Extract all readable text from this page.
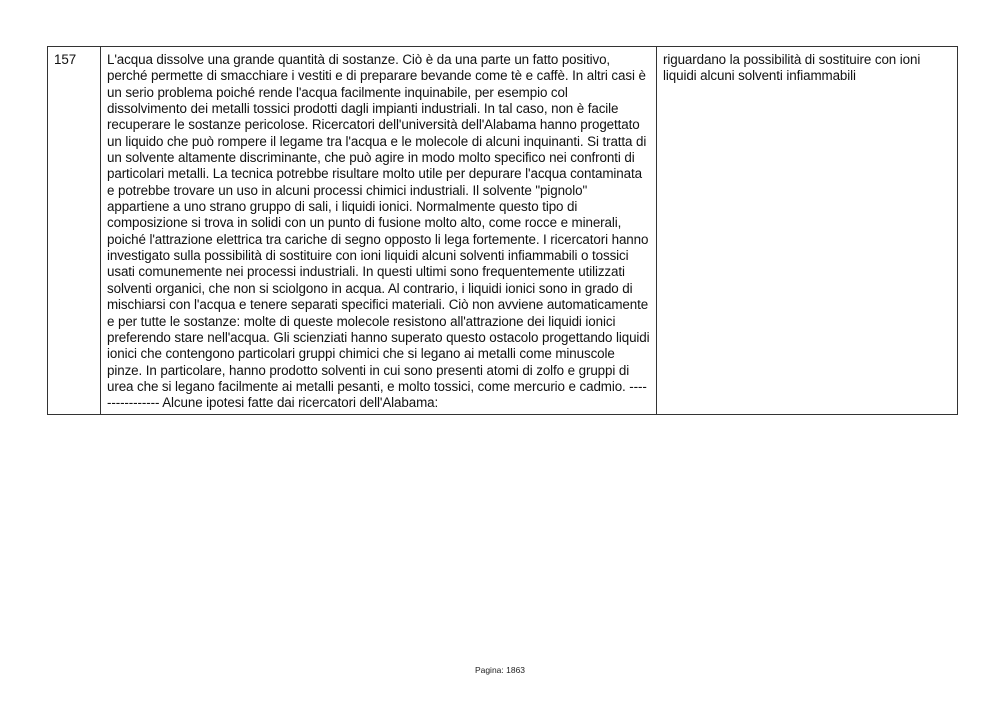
157	L'acqua dissolve una grande quantità di sostanze. Ciò è da una parte un fatto positivo, perché permette di smacchiare i vestiti e di preparare bevande come tè e caffè. In altri casi è un serio problema poiché rende l'acqua facilmente inquinabile, per esempio col dissolvimento dei metalli tossici prodotti dagli impianti industriali. In tal caso, non è facile recuperare le sostanze pericolose. Ricercatori dell'università dell'Alabama hanno progettato un liquido che può rompere il legame tra l'acqua e le molecole di alcuni inquinanti. Si tratta di un solvente altamente discriminante, che può agire in modo molto specifico nei confronti di particolari metalli. La tecnica potrebbe risultare molto utile per depurare l'acqua contaminata e potrebbe trovare un uso in alcuni processi chimici industriali. Il solvente "pignolo" appartiene a uno strano gruppo di sali, i liquidi ionici. Normalmente questo tipo di composizione si trova in solidi con un punto di fusione molto alto, come rocce e minerali, poiché l'attrazione elettrica tra cariche di segno opposto li lega fortemente. I ricercatori hanno investigato sulla possibilità di sostituire con ioni liquidi alcuni solventi infiammabili o tossici usati comunemente nei processi industriali. In questi ultimi sono frequentemente utilizzati solventi organici, che non si sciolgono in acqua. Al contrario, i liquidi ionici sono in grado di mischiarsi con l'acqua e tenere separati specifici materiali. Ciò non avviene automaticamente e per tutte le sostanze: molte di queste molecole resistono all'attrazione dei liquidi ionici preferendo stare nell'acqua. Gli scienziati hanno superato questo ostacolo progettando liquidi ionici che contengono particolari gruppi chimici che si legano ai metalli come minuscole pinze. In particolare, hanno prodotto solventi in cui sono presenti atomi di zolfo e gruppi di urea che si legano facilmente ai metalli pesanti, e molto tossici, come mercurio e cadmio. ---------------- Alcune ipotesi fatte dai ricercatori dell'Alabama:	riguardano la possibilità di sostituire con ioni liquidi alcuni solventi infiammabili
Pagina: 1863
